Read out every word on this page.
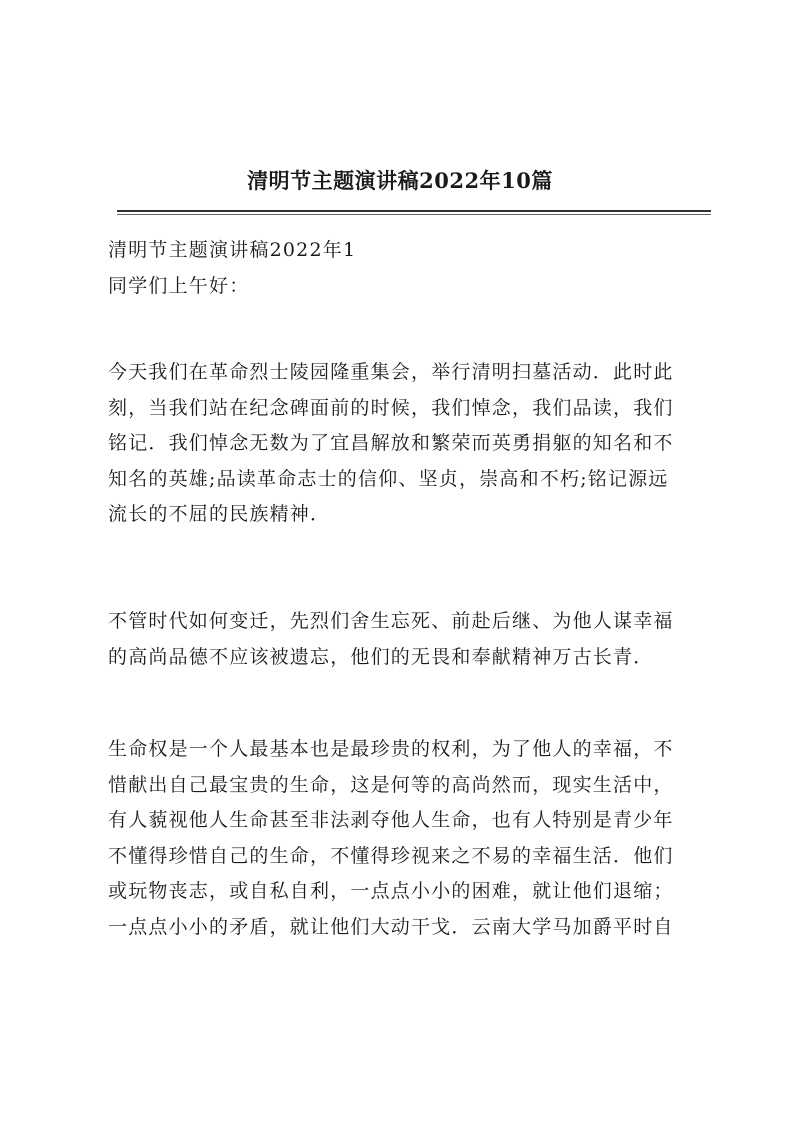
清明节主题演讲稿2022年10篇
清明节主题演讲稿2022年1
同学们上午好：
今天我们在革命烈士陵园隆重集会，举行清明扫墓活动．此时此
刻，当我们站在纪念碑面前的时候，我们悼念，我们品读，我们
铭记．我们悼念无数为了宜昌解放和繁荣而英勇捐躯的知名和不
知名的英雄;品读革命志士的信仰、坚贞，崇高和不朽;铭记源远
流长的不屈的民族精神．
不管时代如何变迁，先烈们舍生忘死、前赴后继、为他人谋幸福
的高尚品德不应该被遗忘，他们的无畏和奉献精神万古长青．
生命权是一个人最基本也是最珍贵的权利，为了他人的幸福，不
惜献出自己最宝贵的生命，这是何等的高尚然而，现实生活中，
有人藐视他人生命甚至非法剥夺他人生命，也有人特别是青少年
不懂得珍惜自己的生命，不懂得珍视来之不易的幸福生活．他们
或玩物丧志，或自私自利，一点点小小的困难，就让他们退缩；
一点点小小的矛盾，就让他们大动干戈．云南大学马加爵平时自
